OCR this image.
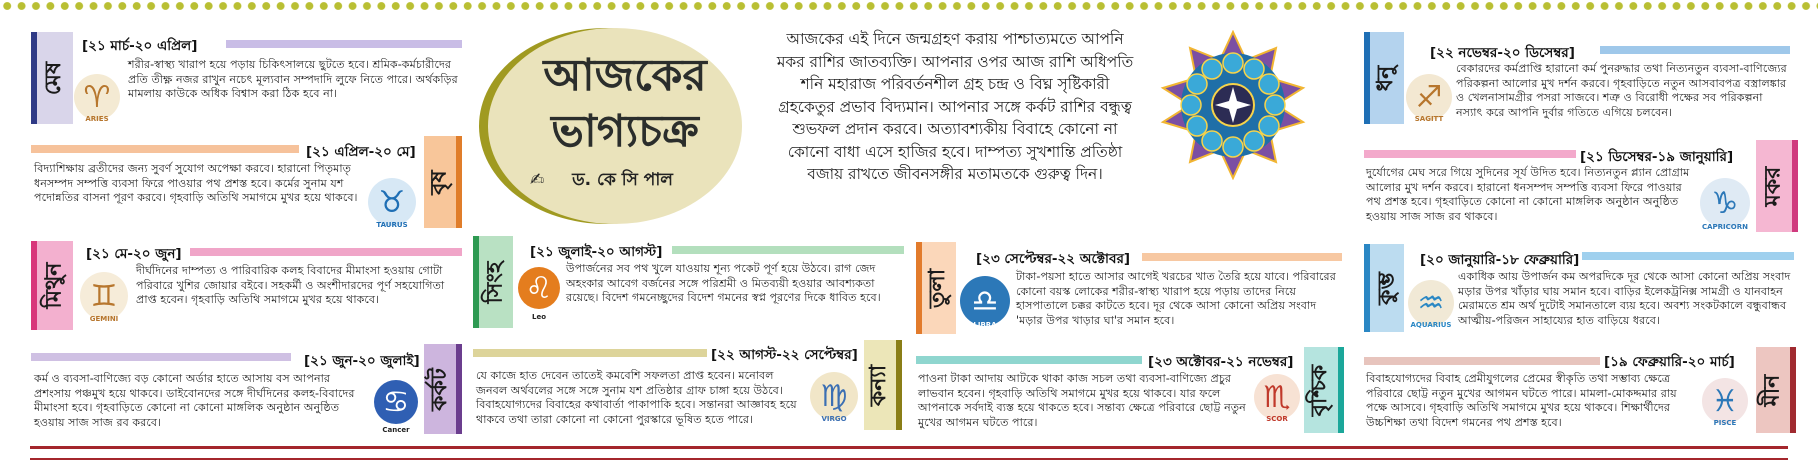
আজকের
ভাগ্যচক্র
✍ ড. কে সি পাল
আজকের এই দিনে জন্মগ্রহণ করায় পাশ্চাত্যমতে আপনি মকর রাশির জাতব্যক্তি। আপনার ওপর আজ রাশি অধিপতি শনি মহারাজ পরিবর্তনশীল গ্রহ চন্দ্র ও বিঘ্ন সৃষ্টিকারী গ্রহকেতুর প্রভাব বিদ্যমান। আপনার সঙ্গে কর্কট রাশির বন্ধুত্ব শুভফল প্রদান করবে। অত্যাবশ্যকীয় বিবাহে কোনো না কোনো বাধা এসে হাজির হবে। দাম্পত্য সুখশান্তি প্রতিষ্ঠা বজায় রাখতে জীবনসঙ্গীর মতামতকে গুরুত্ব দিন।
মেষ
♈
ARIES
[২১ মার্চ-২০ এপ্রিল]
শরীর-স্বাস্থ্য খারাপ হয়ে পড়ায় চিকিৎসালয়ে ছুটতে হবে। শ্রমিক-কর্মচারীদের প্রতি তীক্ষ্ণ নজর রাখুন নচেৎ মূল্যবান সম্পদাদি লুফে নিতে পারে। অর্থকড়ির মামলায় কাউকে অধিক বিশ্বাস করা ঠিক হবে না।
[২১ এপ্রিল-২০ মে]
বৃষ
♉
TAURUS
বিদ্যাশিক্ষায় ব্রতীদের জন্য সুবর্ণ সুযোগ অপেক্ষা করবে। হারানো পিতৃমাতৃ ধনসম্পদ সম্পত্তি ব্যবসা ফিরে পাওয়ার পথ প্রশস্ত হবে। কর্মের সুনাম যশ পদোন্নতির বাসনা পূরণ করবে। গৃহবাড়ি অতিথি সমাগমে মুখর হয়ে থাকবে।
মিথুন ♊
GEMINI
[২১ মে-২০ জুন]
দীর্ঘদিনের দাম্পত্য ও পারিবারিক কলহ বিবাদের মীমাংসা হওয়ায় গোটা পরিবারে খুশির জোয়ার বইবে। সহকর্মী ও অংশীদারদের পূর্ণ সহযোগিতা প্রাপ্ত হবেন। গৃহবাড়ি অতিথি সমাগমে মুখর হয়ে থাকবে।
[২১ জুন-২০ জুলাই]
কর্কট
♋
Cancer
কর্ম ও ব্যবসা-বাণিজ্যে বড় কোনো অর্ডার হাতে আসায় বস আপনার প্রশংসায় পঞ্চমুখ হয়ে থাকবে। ডাইবোনদের সঙ্গে দীর্ঘদিনের কলহ-বিবাদের মীমাংসা হবে। গৃহবাড়িতে কোনো না কোনো মাঙ্গলিক অনুষ্ঠান অনুষ্ঠিত হওয়ায় সাজ সাজ রব করবে।
সিংহ ♌
Leo
[২১ জুলাই-২০ আগস্ট]
উপার্জনের সব পথ খুলে যাওয়ায় শূন্য পকেট পূর্ণ হয়ে উঠবে। রাগ জেদ অহংকার আবেগ বর্জনের সঙ্গে পরিশ্রমী ও মিতব্যয়ী হওয়ার আবশ্যকতা রয়েছে। বিদেশ গমনেচ্ছুদের বিদেশ গমনের স্বপ্ন পূরণের দিকে ধাবিত হবে।
[২২ আগস্ট-২২ সেপ্টেম্বর]
কন্যা
♍
VIRGO
যে কাজে হাত দেবেন তাতেই কমবেশি সফলতা প্রাপ্ত হবেন। মনোবল জনবল অর্থবলের সঙ্গে সঙ্গে সুনাম যশ প্রতিষ্ঠার গ্রাফ চাঙ্গা হয়ে উঠবে। বিবাহযোগ্যদের বিবাহের কথাবার্তা পাকাপাকি হবে। সন্তানরা আজ্ঞাবহ হয়ে থাকবে তথা তারা কোনো না কোনো পুরস্কারে ভূষিত হতে পারে।
তুলা ♎
LIBRA
[২৩ সেপ্টেম্বর-২২ অক্টোবর]
টাকা-পয়সা হাতে আসার আগেই খরচের খাত তৈরি হয়ে যাবে। পরিবারের কোনো বয়স্ক লোকের শরীর-স্বাস্থ্য খারাপ হয়ে পড়ায় তাদের নিয়ে হাসপাতালে চক্কর কাটতে হবে। দূর থেকে আসা কোনো অপ্রিয় সংবাদ 'মড়ার উপর খাড়ার ঘা'র সমান হবে।
[২৩ অক্টোবর-২১ নভেম্বর]
বৃশ্চিক
♏
SCOR
পাওনা টাকা আদায় আটকে থাকা কাজ সচল তথা ব্যবসা-বাণিজ্যে প্রচুর লাভবান হবেন। গৃহবাড়ি অতিথি সমাগমে মুখর হয়ে থাকবে। যার ফলে আপনাকে সর্বদাই ব্যস্ত হয়ে থাকতে হবে। সন্তাব্য ক্ষেত্রে পরিবারে ছোট্ট নতুন মুখের আগমন ঘটতে পারে।
ধনু
♐
SAGITT
[২২ নভেম্বর-২০ ডিসেম্বর]
বেকারদের কর্মপ্রাপ্তি হারানো কর্ম পুনরুদ্ধার তথা নিত্যনতুন ব্যবসা-বাণিজ্যের পরিকল্পনা আলোর মুখ দর্শন করবে। গৃহবাড়িতে নতুন আসবাবপত্র বস্ত্রালঙ্কার ও খেলনাসামগ্রীর পসরা সাজবে। শত্রু ও বিরোধী পক্ষের সব পরিকল্পনা নস্যাৎ করে আপনি দুর্বার গতিতে এগিয়ে চলবেন।
[২১ ডিসেম্বর-১৯ জানুয়ারি]
মকর
♑
CAPRICORN
দুর্যোগের মেঘ সরে গিয়ে সুদিনের সূর্য উদিত হবে। নিত্যনতুন প্ল্যান প্রোগ্রাম আলোর মুখ দর্শন করবে। হারানো ধনসম্পদ সম্পত্তি ব্যবসা ফিরে পাওয়ার পথ প্রশস্ত হবে। গৃহবাড়িতে কোনো না কোনো মাঙ্গলিক অনুষ্ঠান অনুষ্ঠিত হওয়ায় সাজ সাজ রব থাকবে।
কুম্ভ ♒
AQUARIUS
[২০ জানুয়ারি-১৮ ফেব্রুয়ারি]
একাধিক আয় উপার্জন কম অপরদিকে দূর থেকে আসা কোনো অপ্রিয় সংবাদ মড়ার উপর খাঁড়ার ঘায় সমান হবে। বাড়ির ইলেকট্রনিক্স সামগ্রী ও যানবাহন মেরামতে শ্রম অর্থ দুটোই সমানতালে ব্যয় হবে। অবশ্য সংকটকালে বন্ধুবান্ধব আত্মীয়-পরিজন সাহায্যের হাত বাড়িয়ে ধরবে।
[১৯ ফেব্রুয়ারি-২০ মার্চ]
মীন
♓
PISCE
বিবাহযোগ্যদের বিবাহ প্রেমীযুগলের প্রেমের স্বীকৃতি তথা সম্ভাব্য ক্ষেত্রে পরিবারে ছোট্ট নতুন মুখের আগমন ঘটতে পারে। মামলা-মোকদ্দমার রায় পক্ষে আসবে। গৃহবাড়ি অতিথি সমাগমে মুখর হয়ে থাকবে। শিক্ষার্থীদের উচ্চশিক্ষা তথা বিদেশ গমনের পথ প্রশস্ত হবে।
